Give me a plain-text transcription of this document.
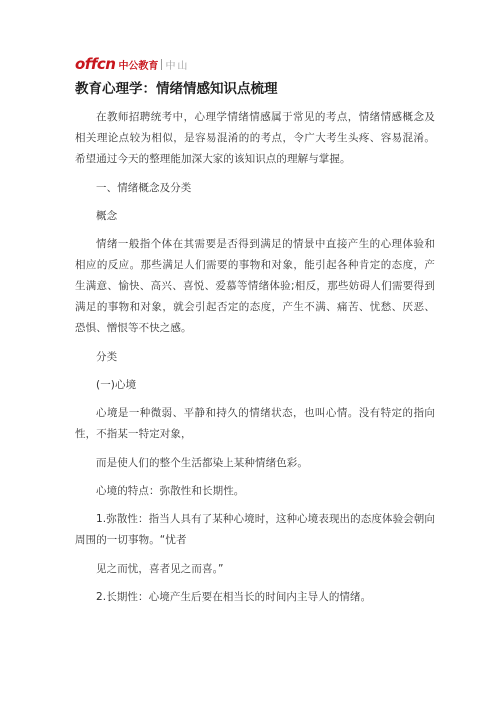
offcn 中公教育 中山
教育心理学：情绪情感知识点梳理

在教师招聘统考中，心理学情绪情感属于常见的考点，情绪情感概念及相关理论点较为相似，是容易混淆的的考点，令广大考生头疼、容易混淆。希望通过今天的整理能加深大家的该知识点的理解与掌握。

一、情绪概念及分类

概念

情绪一般指个体在其需要是否得到满足的情景中直接产生的心理体验和相应的反应。那些满足人们需要的事物和对象，能引起各种肯定的态度，产生满意、愉快、高兴、喜悦、爱慕等情绪体验;相反，那些妨碍人们需要得到满足的事物和对象，就会引起否定的态度，产生不满、痛苦、忧愁、厌恶、恐惧、憎恨等不快之感。

分类

(一)心境

心境是一种微弱、平静和持久的情绪状态，也叫心情。没有特定的指向性，不指某一特定对象，

而是使人们的整个生活都染上某种情绪色彩。

心境的特点：弥散性和长期性。

1.弥散性：指当人具有了某种心境时，这种心境表现出的态度体验会朝向周围的一切事物。“忧者

见之而忧，喜者见之而喜。”

2.长期性：心境产生后要在相当长的时间内主导人的情绪。
